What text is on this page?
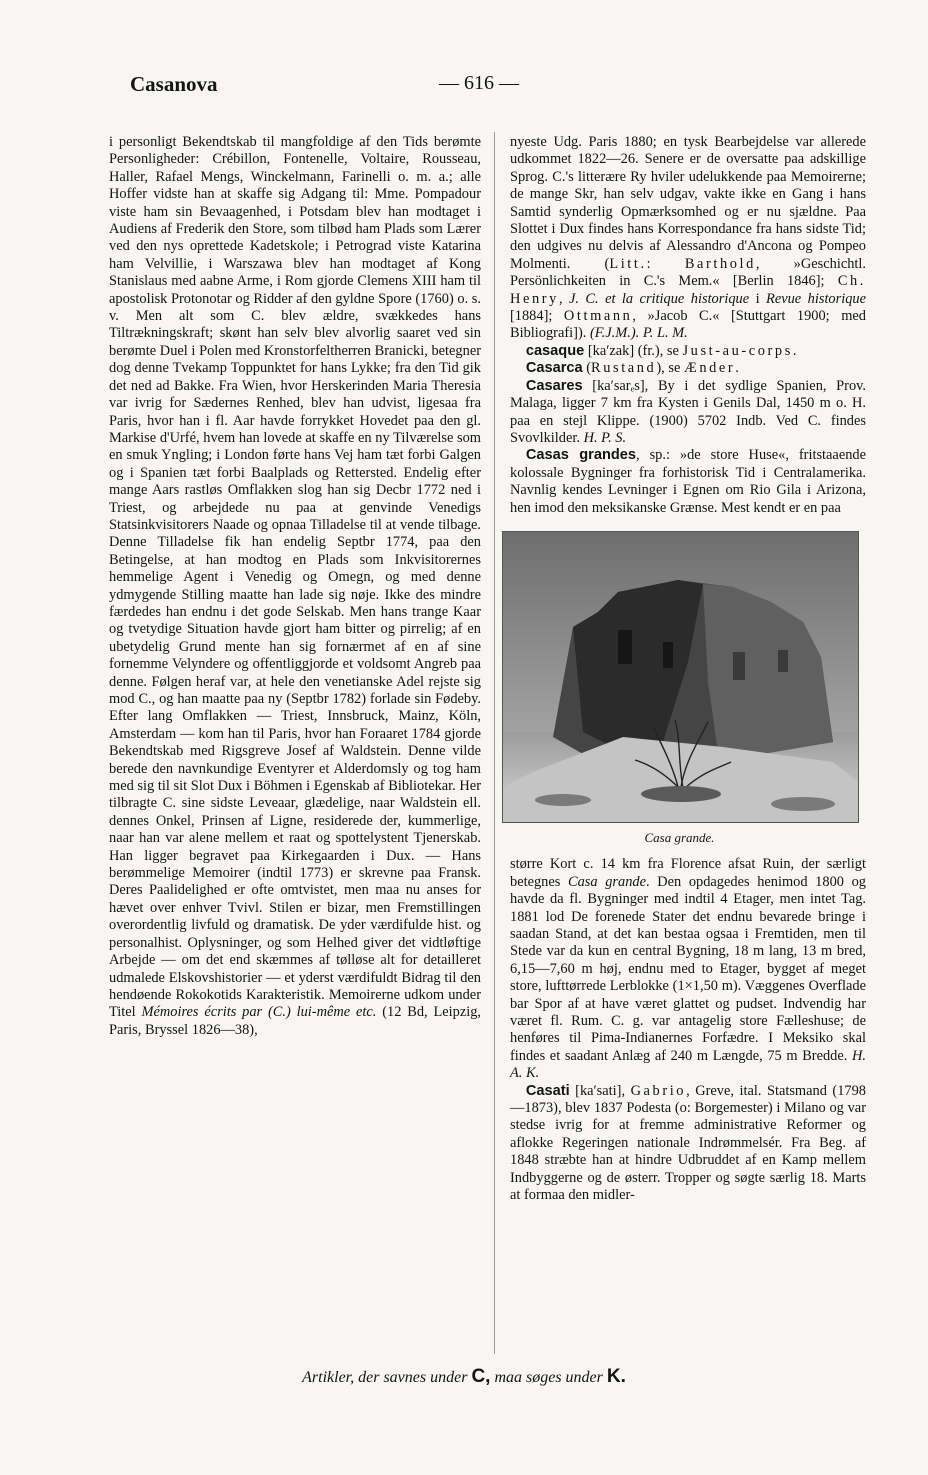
Casanova	— 616 —

i personligt Bekendtskab til mangfoldige af den Tids berømte Personligheder: Crébillon, Fontenelle, Voltaire, Rousseau, Haller, Rafael Mengs, Winckelmann, Farinelli o. m. a.; alle Hoffer vidste han at skaffe sig Adgang til: Mme. Pompadour viste ham sin Bevaagenhed, i Potsdam blev han modtaget i Audiens af Frederik den Store, som tilbød ham Plads som Lærer ved den nys oprettede Kadetskole; i Petrograd viste Katarina ham Velvillie, i Warszawa blev han modtaget af Kong Stanislaus med aabne Arme, i Rom gjorde Clemens XIII ham til apostolisk Protonotar og Ridder af den gyldne Spore (1760) o. s. v. Men alt som C. blev ældre, svækkedes hans Tiltrækningskraft; skønt han selv blev alvorlig saaret ved sin berømte Duel i Polen med Kronstorfeltherren Branicki, betegner dog denne Tvekamp Toppunktet for hans Lykke; fra den Tid gik det ned ad Bakke. Fra Wien, hvor Herskerinden Maria Theresia var ivrig for Sædernes Renhed, blev han udvist, ligesaa fra Paris, hvor han i fl. Aar havde forrykket Hovedet paa den gl. Markise d'Urfé, hvem han lovede at skaffe en ny Tilværelse som en smuk Yngling; i London førte hans Vej ham tæt forbi Galgen og i Spanien tæt forbi Baalplads og Rettersted. Endelig efter mange Aars rastløs Omflakken slog han sig Decbr 1772 ned i Triest, og arbejdede nu paa at genvinde Venedigs Statsinkvisitorers Naade og opnaa Tilladelse til at vende tilbage. Denne Tilladelse fik han endelig Septbr 1774, paa den Betingelse, at han modtog en Plads som Inkvisitorernes hemmelige Agent i Venedig og Omegn, og med denne ydmygende Stilling maatte han lade sig nøje. Ikke des mindre færdedes han endnu i det gode Selskab. Men hans trange Kaar og tvetydige Situation havde gjort ham bitter og pirrelig; af en ubetydelig Grund mente han sig fornærmet af en af sine fornemme Velyndere og offentliggjorde et voldsomt Angreb paa denne. Følgen heraf var, at hele den venetianske Adel rejste sig mod C., og han maatte paa ny (Septbr 1782) forlade sin Fødeby. Efter lang Omflakken — Triest, Innsbruck, Mainz, Köln, Amsterdam — kom han til Paris, hvor han Foraaret 1784 gjorde Bekendtskab med Rigsgreve Josef af Waldstein. Denne vilde berede den navnkundige Eventyrer et Alderdomsly og tog ham med sig til sit Slot Dux i Böhmen i Egenskab af Bibliotekar. Her tilbragte C. sine sidste Leveaar, glædelige, naar Waldstein ell. dennes Onkel, Prinsen af Ligne, residerede der, kummerlige, naar han var alene mellem et raat og spottelystent Tjenerskab. Han ligger begravet paa Kirkegaarden i Dux. — Hans berømmelige Memoirer (indtil 1773) er skrevne paa Fransk. Deres Paalidelighed er ofte omtvistet, men maa nu anses for hævet over enhver Tvivl. Stilen er bizar, men Fremstillingen overordentlig livfuld og dramatisk. De yder værdifulde hist. og personalhist. Oplysninger, og som Helhed giver det vidtløftige Arbejde — om det end skæmmes af tølløse alt for detailleret udmalede Elskovshistorier — et yderst værdifuldt Bidrag til den hendøende Rokokotids Karakteristik. Memoirerne udkom under Titel Mémoires écrits par (C.) lui-même etc. (12 Bd, Leipzig, Paris, Bryssel 1826—38),

nyeste Udg. Paris 1880; en tysk Bearbejdelse var allerede udkommet 1822—26. Senere er de oversatte paa adskillige Sprog. C.'s litterære Ry hviler udelukkende paa Memoirerne; de mange Skr, han selv udgav, vakte ikke en Gang i hans Samtid synderlig Opmærksomhed og er nu sjældne. Paa Slottet i Dux findes hans Korrespondance fra hans sidste Tid; den udgives nu delvis af Alessandro d'Ancona og Pompeo Molmenti. (Litt.: Barthold, »Geschichtl. Persönlichkeiten in C.'s Mem.« [Berlin 1846]; Ch. Henry, J. C. et la critique historique i Revue historique [1884]; Ottmann, »Jacob C.« [Stuttgart 1900; med Bibliografi]). (F.J.M.). P. L. M.

casaque [kaʹzak] (fr.), se Just-au-corps.

Casarca (Rustand), se Ænder.

Casares [kaʹsarₑs], By i det sydlige Spanien, Prov. Malaga, ligger 7 km fra Kysten i Genils Dal, 1450 m o. H. paa en stejl Klippe. (1900) 5702 Indb. Ved C. findes Svovlkilder. H. P. S.

Casas grandes, sp.: »de store Huse«, fritstaaende kolossale Bygninger fra forhistorisk Tid i Centralamerika. Navnlig kendes Levninger i Egnen om Rio Gila i Arizona, hen imod den meksikanske Grænse. Mest kendt er en paa

Casa grande.

større Kort c. 14 km fra Florence afsat Ruin, der særligt betegnes Casa grande. Den opdagedes henimod 1800 og havde da fl. Bygninger med indtil 4 Etager, men intet Tag. 1881 lod De forenede Stater det endnu bevarede bringe i saadan Stand, at det kan bestaa ogsaa i Fremtiden, men til Stede var da kun en central Bygning, 18 m lang, 13 m bred, 6,15—7,60 m høj, endnu med to Etager, bygget af meget store, lufttørrede Lerblokke (1×1,50 m). Væggenes Overflade bar Spor af at have været glattet og pudset. Indvendig har været fl. Rum. C. g. var antagelig store Fælleshuse; de henføres til Pima-Indianernes Forfædre. I Meksiko skal findes et saadant Anlæg af 240 m Længde, 75 m Bredde. H. A. K.

Casati [kaʹsati], Gabrio, Greve, ital. Statsmand (1798—1873), blev 1837 Podesta (o: Borgemester) i Milano og var stedse ivrig for at fremme administrative Reformer og aflokke Regeringen nationale Indrømmelsér. Fra Beg. af 1848 stræbte han at hindre Udbruddet af en Kamp mellem Indbyggerne og de østerr. Tropper og søgte særlig 18. Marts at formaa den midler-

Artikler, der savnes under C, maa søges under K.
